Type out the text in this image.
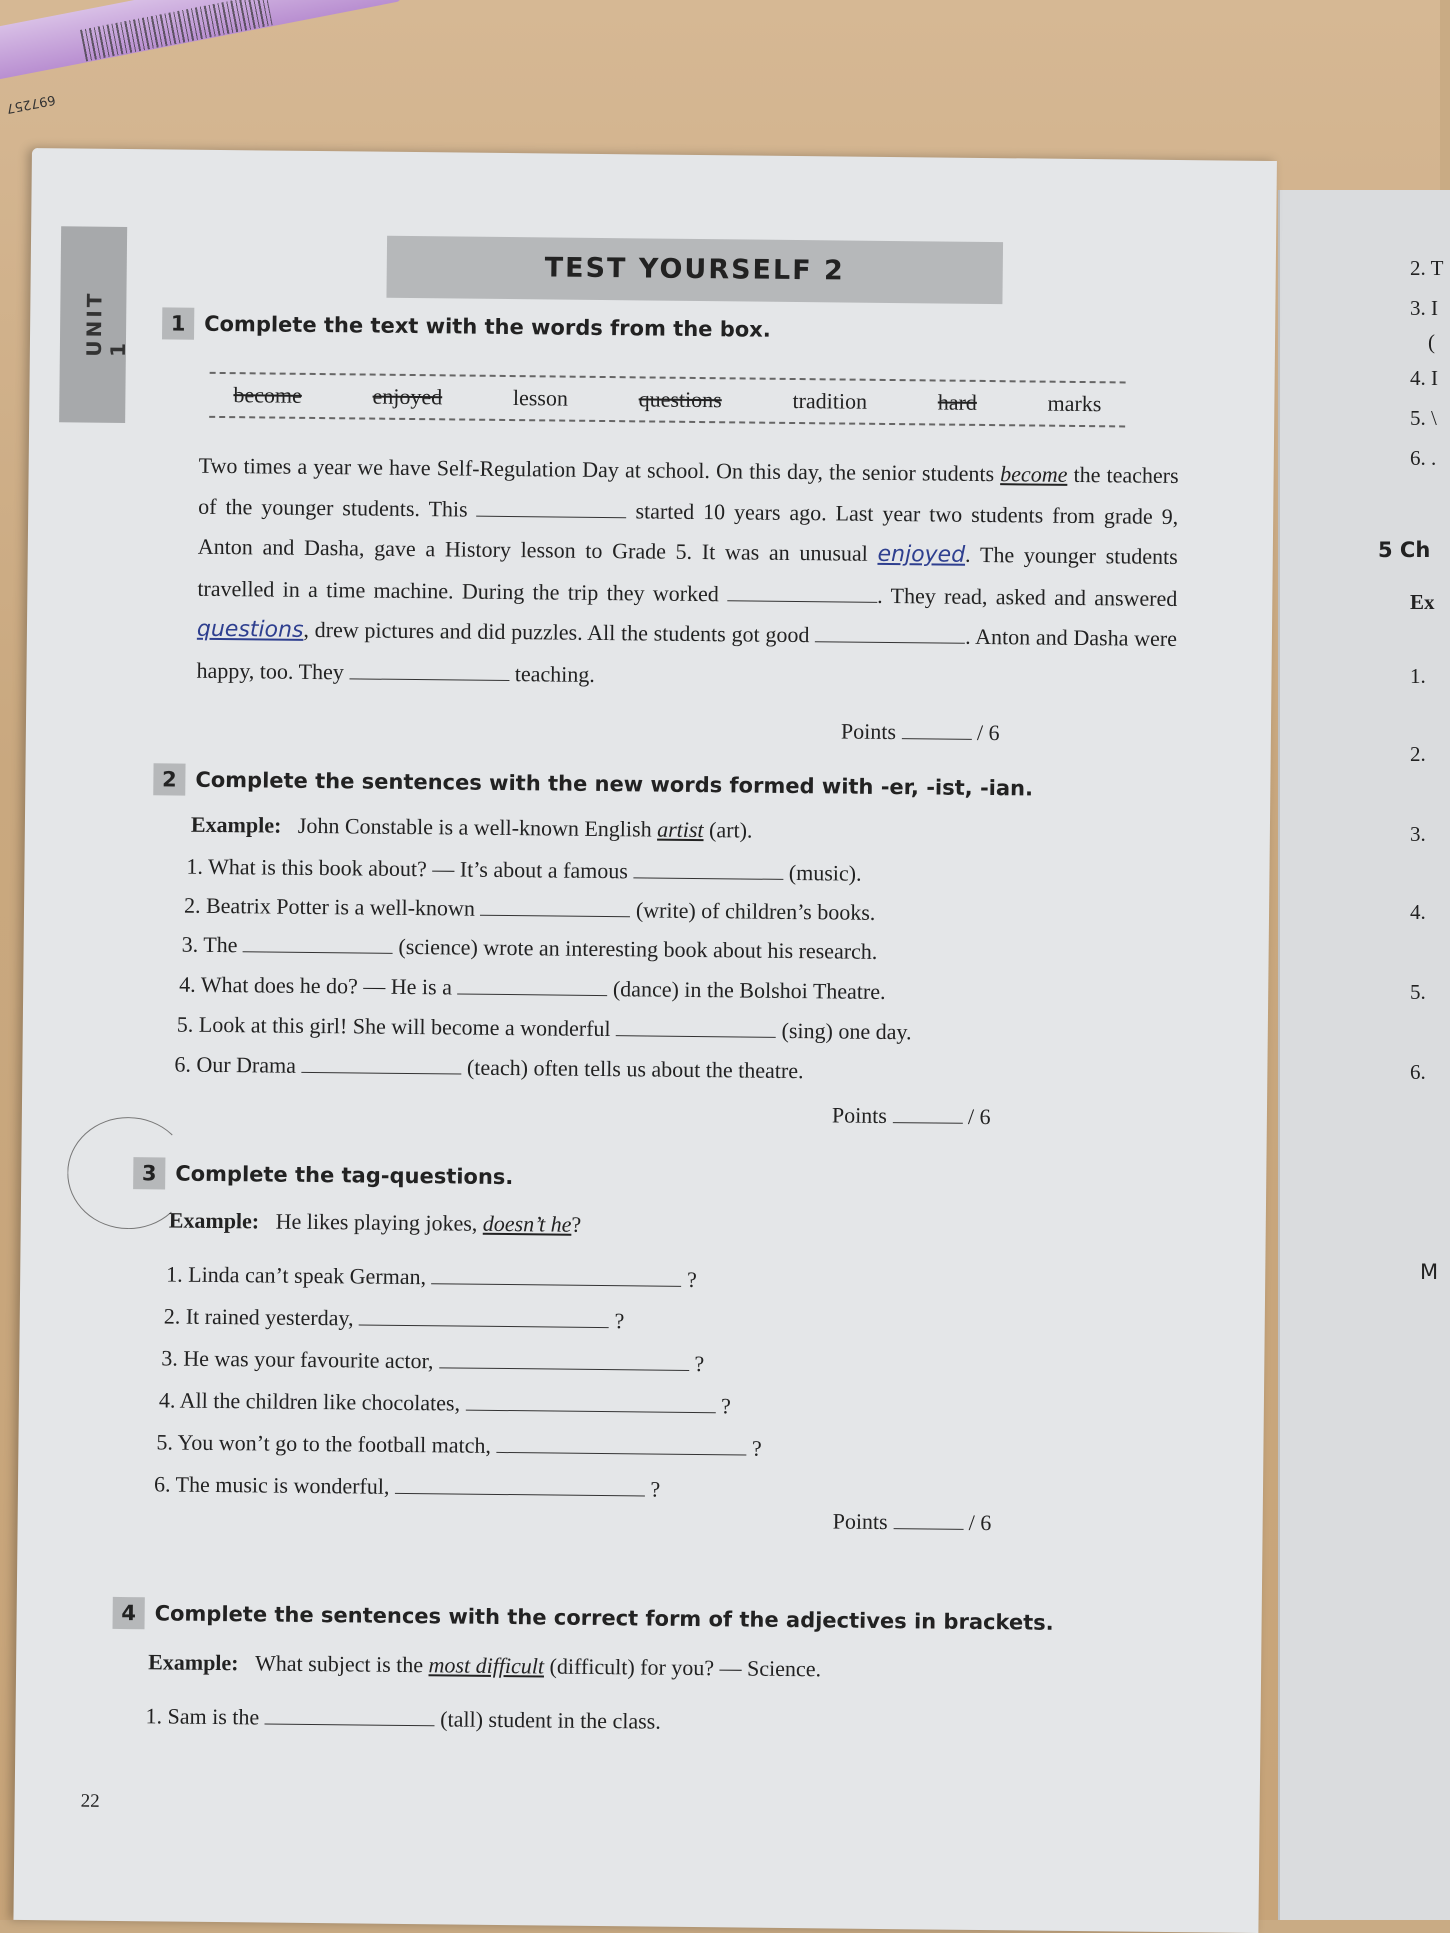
697257
2. T
3. I
(
4. I
5. \
6. .
5 Ch
Ex
1.
2.
3.
4.
5.
6.
M
UNIT 1
TEST YOURSELF 2
1 Complete the text with the words from the box.
become	enjoyed	lesson	questions	tradition	hard	marks
Two times a year we have Self-Regulation Day at school. On this day, the senior students become the teachers of the younger students. This	started 10 years ago. Last year two students from grade 9, Anton and Dasha, gave a History lesson to Grade 5. It was an unusual enjoyed. The younger students travelled in a time machine. During the trip they worked	. They read, asked and answered questions, drew pictures and did puzzles. All the students got good	. Anton and Dasha were happy, too. They	teaching.
Points	/ 6
2 Complete the sentences with the new words formed with -er, -ist, -ian.
Example: John Constable is a well-known English artist (art).
1. What is this book about? — It’s about a famous	(music).
2. Beatrix Potter is a well-known	(write) of children’s books.
3. The	(science) wrote an interesting book about his research.
4. What does he do? — He is a	(dance) in the Bolshoi Theatre.
5. Look at this girl! She will become a wonderful	(sing) one day.
6. Our Drama	(teach) often tells us about the theatre.
Points	/ 6
3 Complete the tag-questions.
Example: He likes playing jokes, doesn’t he?
1. Linda can’t speak German,	?
2. It rained yesterday,	?
3. He was your favourite actor,	?
4. All the children like chocolates,	?
5. You won’t go to the football match,	?
6. The music is wonderful,	?
Points	/ 6
4 Complete the sentences with the correct form of the adjectives in brackets.
Example: What subject is the most difficult (difficult) for you? — Science.
1. Sam is the	(tall) student in the class.
22
